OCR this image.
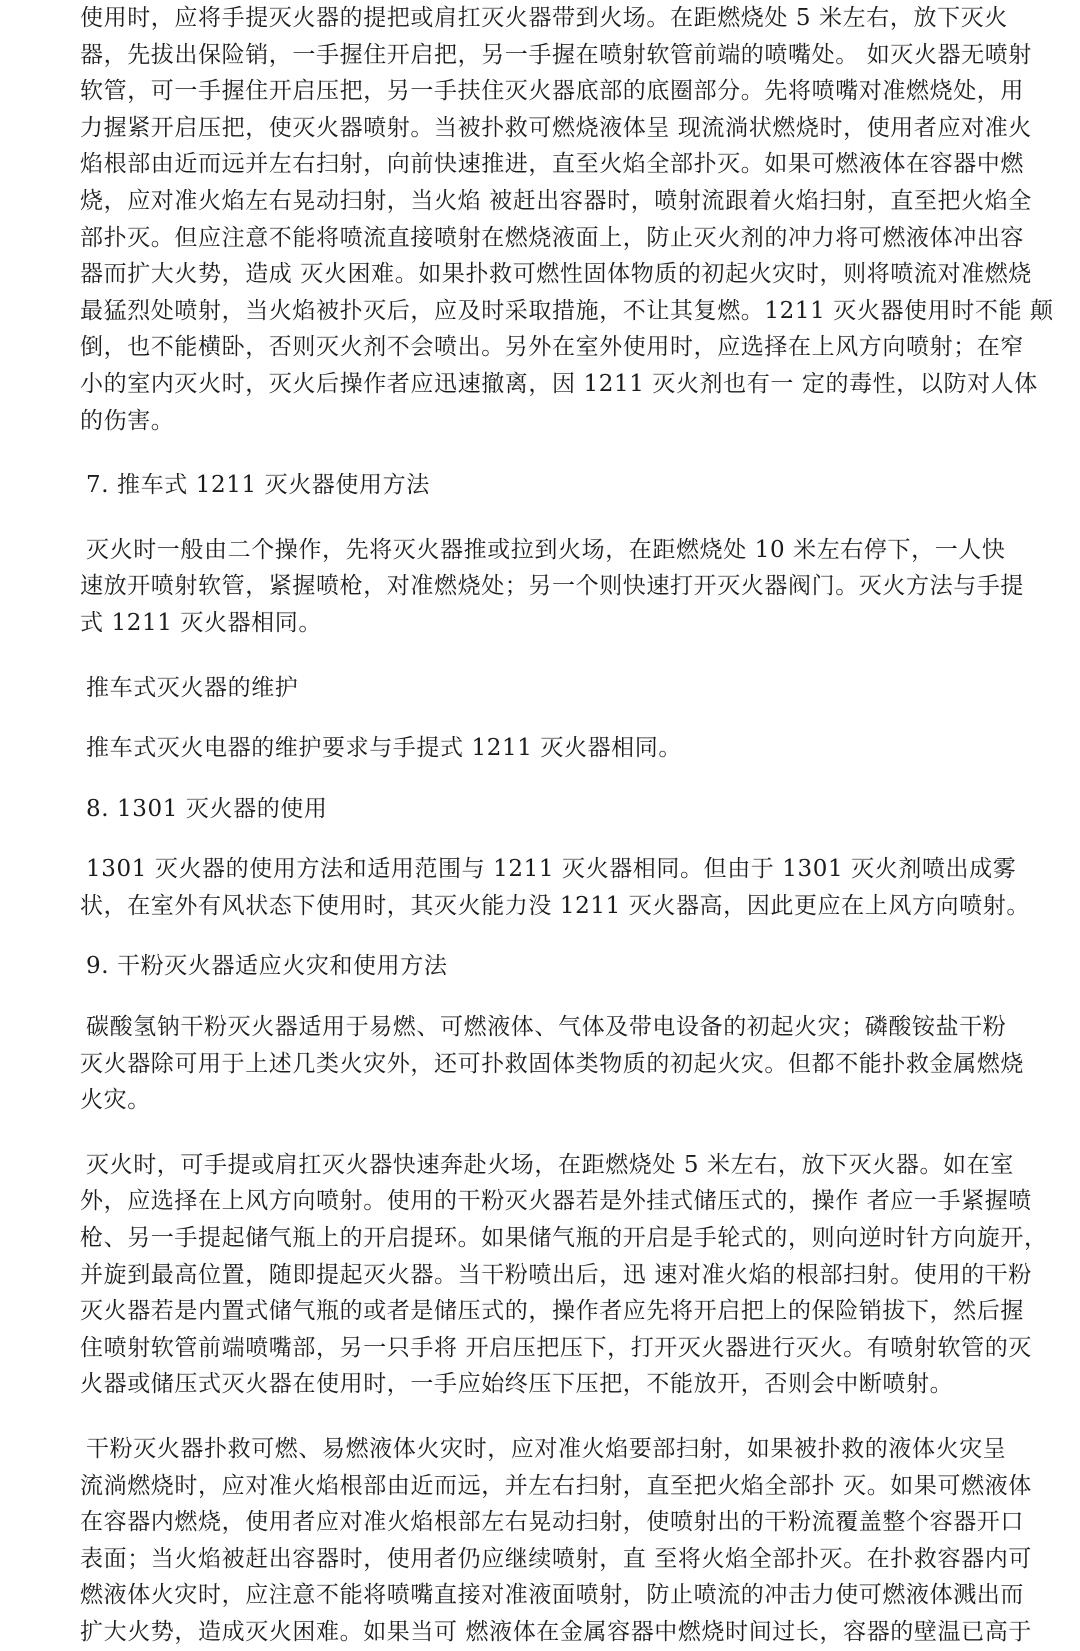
使用时，应将手提灭火器的提把或肩扛灭火器带到火场。在距燃烧处 5 米左右，放下灭火
器，先拔出保险销，一手握住开启把，另一手握在喷射软管前端的喷嘴处。 如灭火器无喷射
软管，可一手握住开启压把，另一手扶住灭火器底部的底圈部分。先将喷嘴对准燃烧处，用
力握紧开启压把，使灭火器喷射。当被扑救可燃烧液体呈 现流淌状燃烧时，使用者应对准火
焰根部由近而远并左右扫射，向前快速推进，直至火焰全部扑灭。如果可燃液体在容器中燃
烧，应对准火焰左右晃动扫射，当火焰 被赶出容器时，喷射流跟着火焰扫射，直至把火焰全
部扑灭。但应注意不能将喷流直接喷射在燃烧液面上，防止灭火剂的冲力将可燃液体冲出容
器而扩大火势，造成 灭火困难。如果扑救可燃性固体物质的初起火灾时，则将喷流对准燃烧
最猛烈处喷射，当火焰被扑灭后，应及时采取措施，不让其复燃。1211 灭火器使用时不能 颠
倒，也不能横卧，否则灭火剂不会喷出。另外在室外使用时，应选择在上风方向喷射；在窄
小的室内灭火时，灭火后操作者应迅速撤离，因 1211 灭火剂也有一 定的毒性，以防对人体
的伤害。
7. 推车式 1211 灭火器使用方法
灭火时一般由二个操作，先将灭火器推或拉到火场，在距燃烧处 10 米左右停下，一人快
速放开喷射软管，紧握喷枪，对准燃烧处；另一个则快速打开灭火器阀门。灭火方法与手提
式 1211 灭火器相同。
推车式灭火器的维护
推车式灭火电器的维护要求与手提式 1211 灭火器相同。
8. 1301 灭火器的使用
1301 灭火器的使用方法和适用范围与 1211 灭火器相同。但由于 1301 灭火剂喷出成雾
状，在室外有风状态下使用时，其灭火能力没 1211 灭火器高，因此更应在上风方向喷射。
9. 干粉灭火器适应火灾和使用方法
碳酸氢钠干粉灭火器适用于易燃、可燃液体、气体及带电设备的初起火灾；磷酸铵盐干粉
灭火器除可用于上述几类火灾外，还可扑救固体类物质的初起火灾。但都不能扑救金属燃烧
火灾。
灭火时，可手提或肩扛灭火器快速奔赴火场，在距燃烧处 5 米左右，放下灭火器。如在室
外，应选择在上风方向喷射。使用的干粉灭火器若是外挂式储压式的，操作 者应一手紧握喷
枪、另一手提起储气瓶上的开启提环。如果储气瓶的开启是手轮式的，则向逆时针方向旋开，
并旋到最高位置，随即提起灭火器。当干粉喷出后，迅 速对准火焰的根部扫射。使用的干粉
灭火器若是内置式储气瓶的或者是储压式的，操作者应先将开启把上的保险销拔下，然后握
住喷射软管前端喷嘴部，另一只手将 开启压把压下，打开灭火器进行灭火。有喷射软管的灭
火器或储压式灭火器在使用时，一手应始终压下压把，不能放开，否则会中断喷射。
干粉灭火器扑救可燃、易燃液体火灾时，应对准火焰要部扫射，如果被扑救的液体火灾呈
流淌燃烧时，应对准火焰根部由近而远，并左右扫射，直至把火焰全部扑 灭。如果可燃液体
在容器内燃烧，使用者应对准火焰根部左右晃动扫射，使喷射出的干粉流覆盖整个容器开口
表面；当火焰被赶出容器时，使用者仍应继续喷射，直 至将火焰全部扑灭。在扑救容器内可
燃液体火灾时，应注意不能将喷嘴直接对准液面喷射，防止喷流的冲击力使可燃液体溅出而
扩大火势，造成灭火困难。如果当可 燃液体在金属容器中燃烧时间过长，容器的壁温已高于
